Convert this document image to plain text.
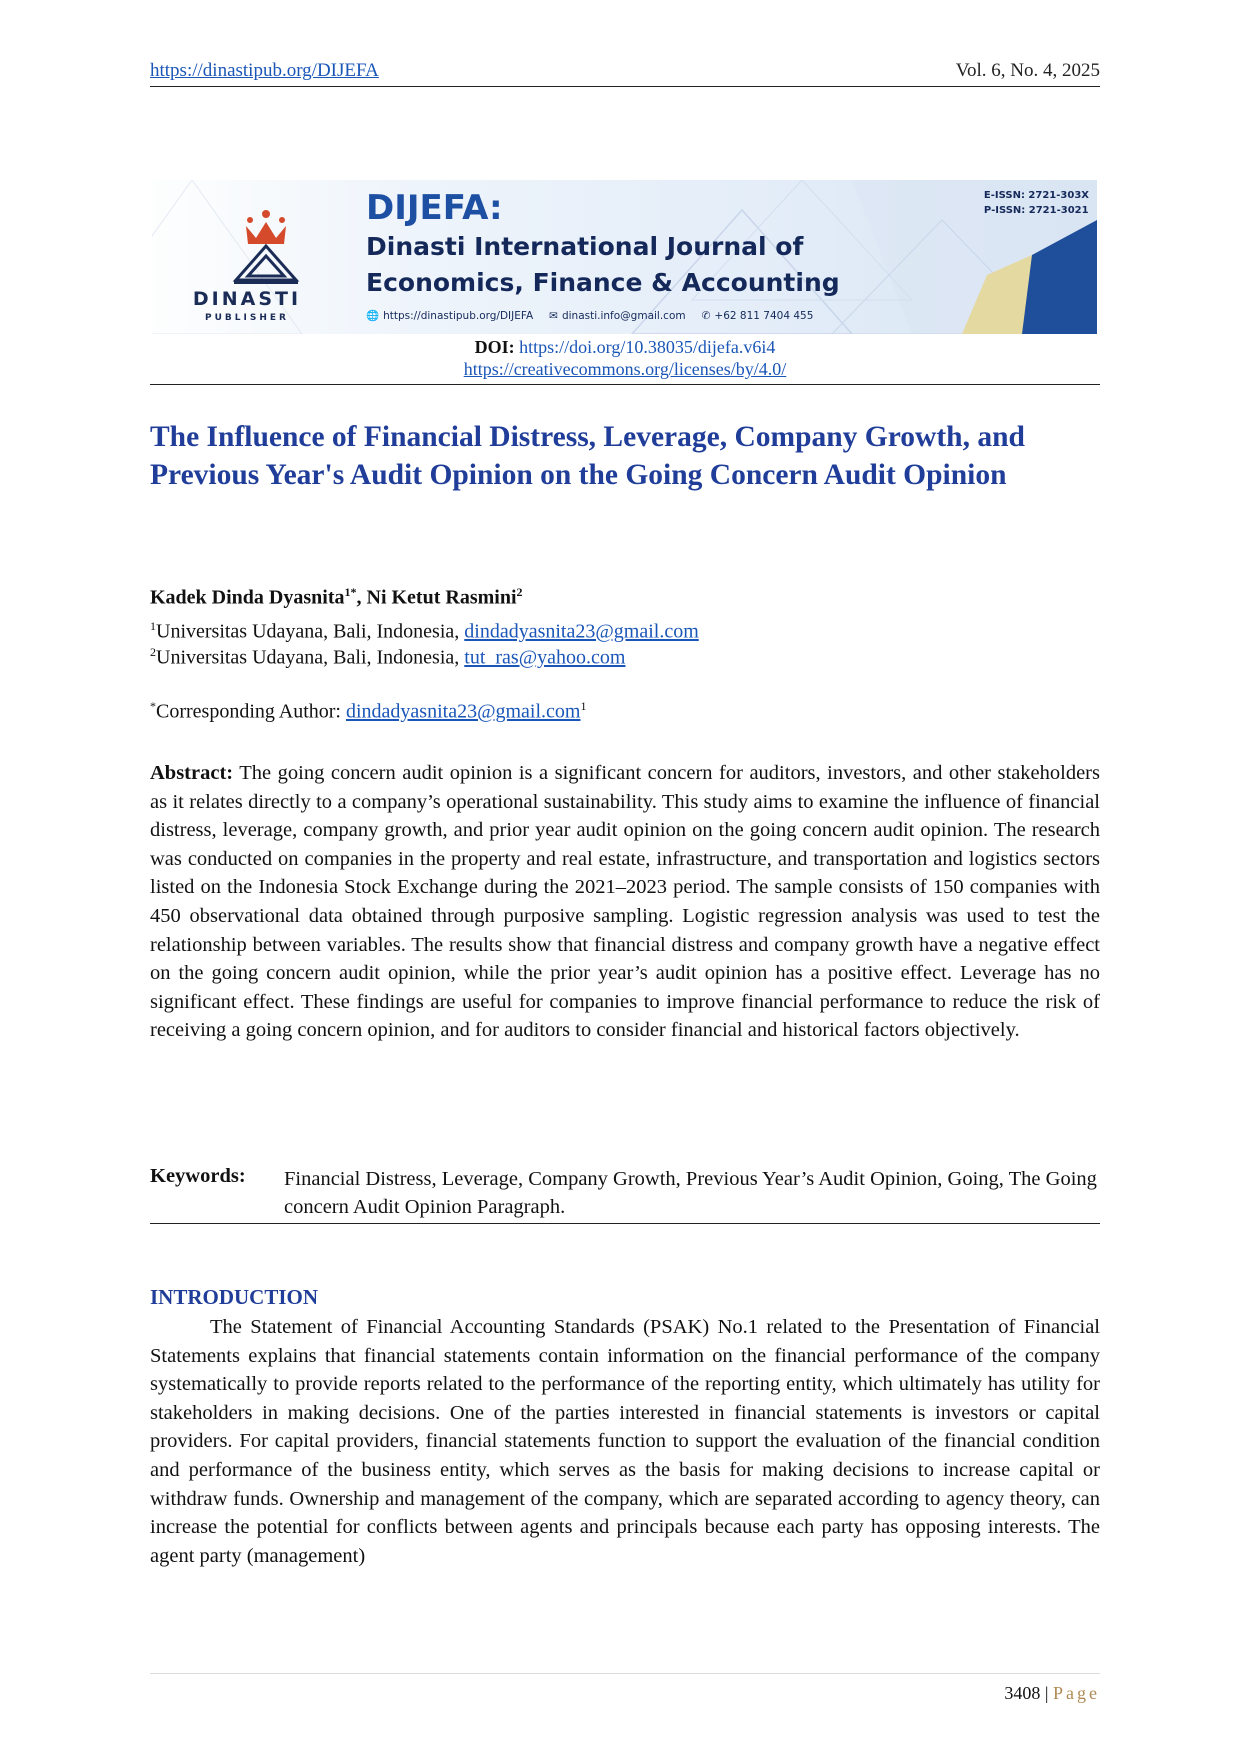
https://dinastipub.org/DIJEFA	Vol. 6, No. 4, 2025
DINASTI
PUBLISHER
DIJEFA:
Dinasti International Journal of
Economics, Finance & Accounting
🌐 https://dinastipub.org/DIJEFA ✉ dinasti.info@gmail.com ✆ +62 811 7404 455
E-ISSN: 2721-303X
P-ISSN: 2721-3021
DOI: https://doi.org/10.38035/dijefa.v6i4
https://creativecommons.org/licenses/by/4.0/
The Influence of Financial Distress, Leverage, Company Growth, and Previous Year's Audit Opinion on the Going Concern Audit Opinion
Kadek Dinda Dyasnita$^{1*}$, Ni Ketut Rasmini$^2$
$^1$Universitas Udayana, Bali, Indonesia, dindadyasnita23@gmail.com
$^2$Universitas Udayana, Bali, Indonesia, tut_ras@yahoo.com
*Corresponding Author: dindadyasnita23@gmail.com$^1$
Abstract: The going concern audit opinion is a significant concern for auditors, investors, and other stakeholders as it relates directly to a company’s operational sustainability. This study aims to examine the influence of financial distress, leverage, company growth, and prior year audit opinion on the going concern audit opinion. The research was conducted on companies in the property and real estate, infrastructure, and transportation and logistics sectors listed on the Indonesia Stock Exchange during the 2021–2023 period. The sample consists of 150 companies with 450 observational data obtained through purposive sampling. Logistic regression analysis was used to test the relationship between variables. The results show that financial distress and company growth have a negative effect on the going concern audit opinion, while the prior year’s audit opinion has a positive effect. Leverage has no significant effect. These findings are useful for companies to improve financial performance to reduce the risk of receiving a going concern opinion, and for auditors to consider financial and historical factors objectively.
Keywords: Financial Distress, Leverage, Company Growth, Previous Year’s Audit Opinion, Going, The Going concern Audit Opinion Paragraph.
INTRODUCTION
The Statement of Financial Accounting Standards (PSAK) No.1 related to the Presentation of Financial Statements explains that financial statements contain information on the financial performance of the company systematically to provide reports related to the performance of the reporting entity, which ultimately has utility for stakeholders in making decisions. One of the parties interested in financial statements is investors or capital providers. For capital providers, financial statements function to support the evaluation of the financial condition and performance of the business entity, which serves as the basis for making decisions to increase capital or withdraw funds. Ownership and management of the company, which are separated according to agency theory, can increase the potential for conflicts between agents and principals because each party has opposing interests. The agent party (management)
3408 | Page
